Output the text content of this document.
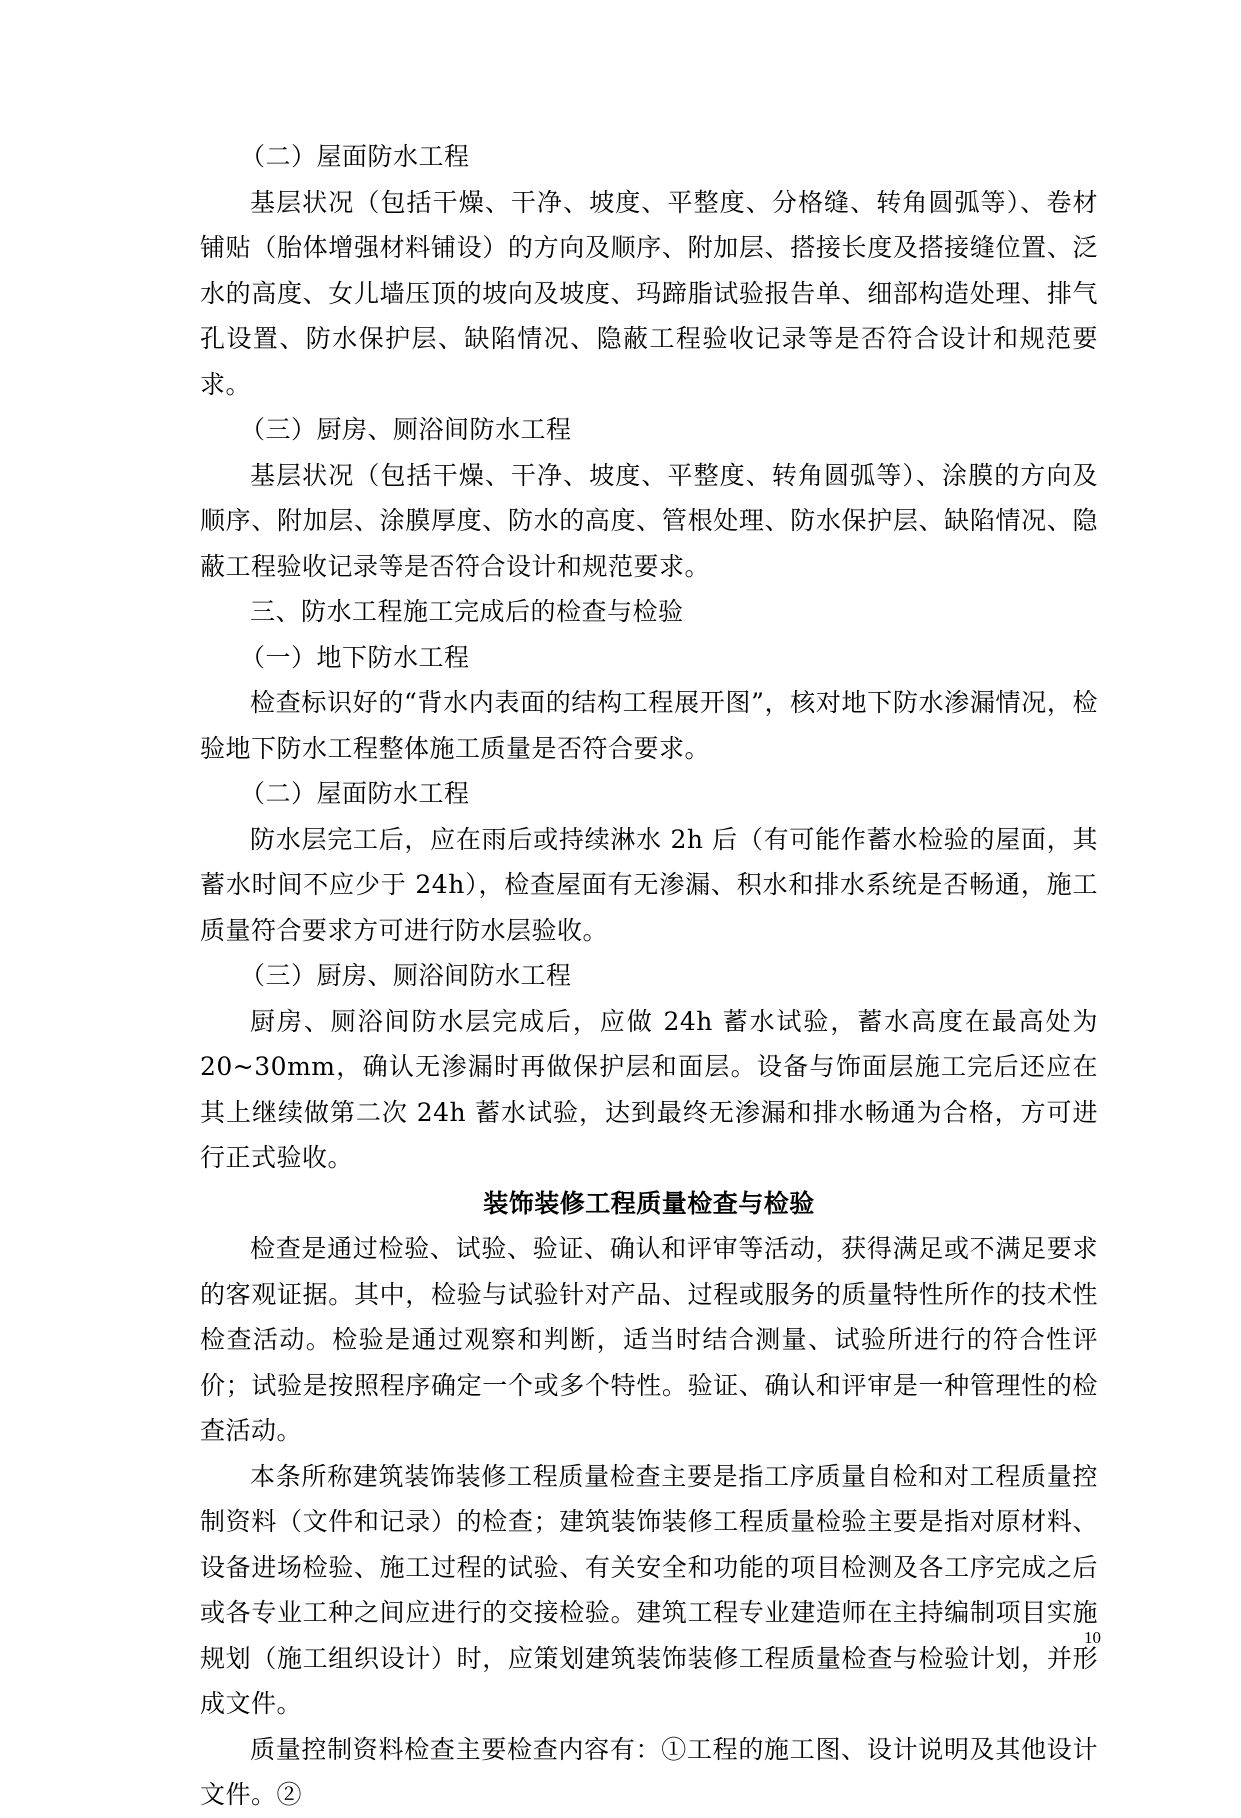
（二）屋面防水工程

基层状况（包括干燥、干净、坡度、平整度、分格缝、转角圆弧等）、卷材铺贴（胎体增强材料铺设）的方向及顺序、附加层、搭接长度及搭接缝位置、泛水的高度、女儿墙压顶的坡向及坡度、玛蹄脂试验报告单、细部构造处理、排气孔设置、防水保护层、缺陷情况、隐蔽工程验收记录等是否符合设计和规范要求。

（三）厨房、厕浴间防水工程

基层状况（包括干燥、干净、坡度、平整度、转角圆弧等）、涂膜的方向及顺序、附加层、涂膜厚度、防水的高度、管根处理、防水保护层、缺陷情况、隐蔽工程验收记录等是否符合设计和规范要求。

三、防水工程施工完成后的检查与检验

（一）地下防水工程

检查标识好的“背水内表面的结构工程展开图”，核对地下防水渗漏情况，检验地下防水工程整体施工质量是否符合要求。

（二）屋面防水工程

防水层完工后，应在雨后或持续淋水 2h 后（有可能作蓄水检验的屋面，其蓄水时间不应少于 24h），检查屋面有无渗漏、积水和排水系统是否畅通，施工质量符合要求方可进行防水层验收。

（三）厨房、厕浴间防水工程

厨房、厕浴间防水层完成后，应做 24h 蓄水试验，蓄水高度在最高处为 20~30mm，确认无渗漏时再做保护层和面层。设备与饰面层施工完后还应在其上继续做第二次 24h 蓄水试验，达到最终无渗漏和排水畅通为合格，方可进行正式验收。

装饰装修工程质量检查与检验

检查是通过检验、试验、验证、确认和评审等活动，获得满足或不满足要求的客观证据。其中，检验与试验针对产品、过程或服务的质量特性所作的技术性检查活动。检验是通过观察和判断，适当时结合测量、试验所进行的符合性评价；试验是按照程序确定一个或多个特性。验证、确认和评审是一种管理性的检查活动。

本条所称建筑装饰装修工程质量检查主要是指工序质量自检和对工程质量控制资料（文件和记录）的检查；建筑装饰装修工程质量检验主要是指对原材料、设备进场检验、施工过程的试验、有关安全和功能的项目检测及各工序完成之后或各专业工种之间应进行的交接检验。建筑工程专业建造师在主持编制项目实施规划（施工组织设计）时，应策划建筑装饰装修工程质量检查与检验计划，并形成文件。

质量控制资料检查主要检查内容有：①工程的施工图、设计说明及其他设计文件。②

10
